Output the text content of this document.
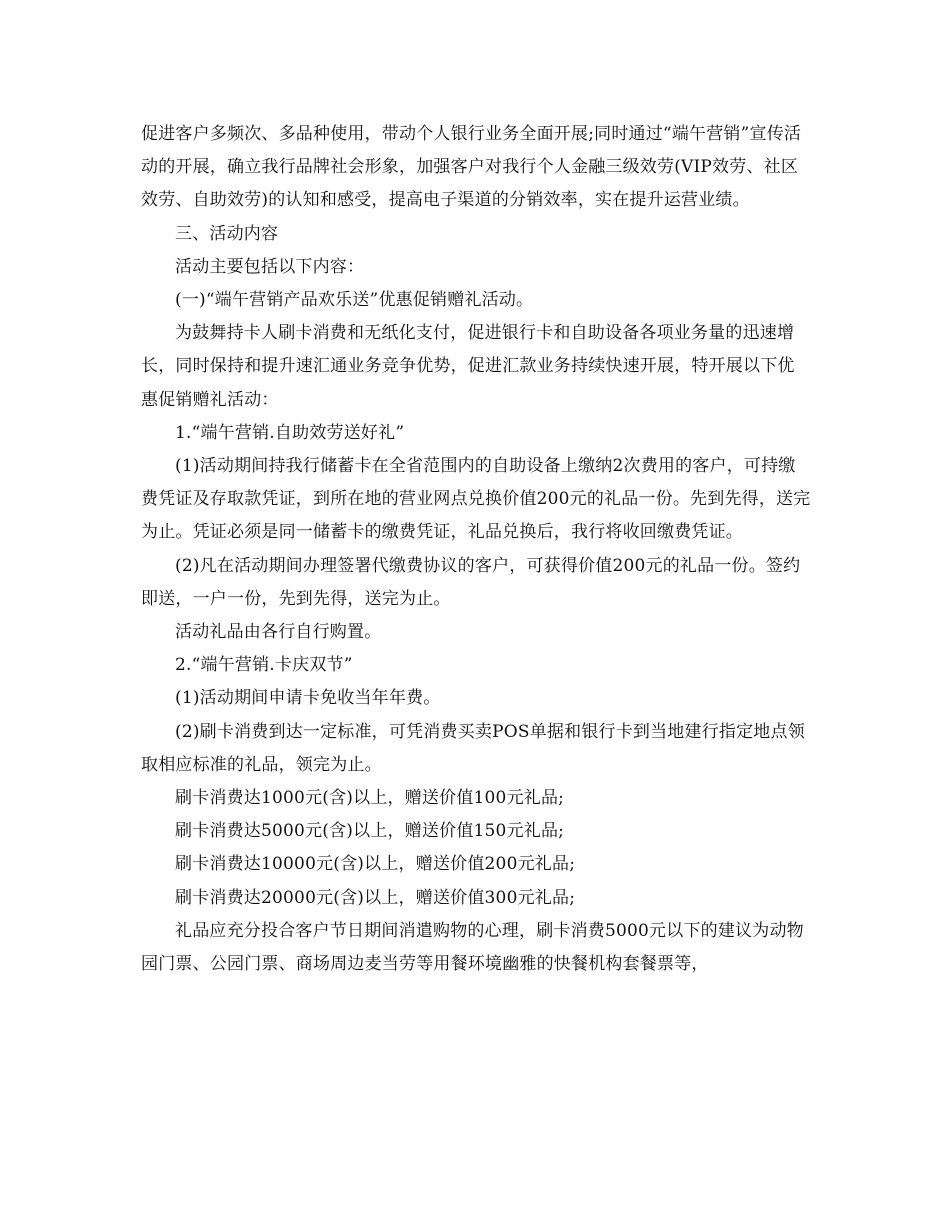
促进客户多频次、多品种使用，带动个人银行业务全面开展;同时通过“端午营销”宣传活动的开展，确立我行品牌社会形象，加强客户对我行个人金融三级效劳(VIP效劳、社区效劳、自助效劳)的认知和感受，提高电子渠道的分销效率，实在提升运营业绩。

三、活动内容

活动主要包括以下内容：

(一)“端午营销产品欢乐送”优惠促销赠礼活动。

为鼓舞持卡人刷卡消费和无纸化支付，促进银行卡和自助设备各项业务量的迅速增长，同时保持和提升速汇通业务竞争优势，促进汇款业务持续快速开展，特开展以下优惠促销赠礼活动：

1.“端午营销.自助效劳送好礼”

(1)活动期间持我行储蓄卡在全省范围内的自助设备上缴纳2次费用的客户，可持缴费凭证及存取款凭证，到所在地的营业网点兑换价值200元的礼品一份。先到先得，送完为止。凭证必须是同一储蓄卡的缴费凭证，礼品兑换后，我行将收回缴费凭证。

(2)凡在活动期间办理签署代缴费协议的客户，可获得价值200元的礼品一份。签约即送，一户一份，先到先得，送完为止。

活动礼品由各行自行购置。

2.“端午营销.卡庆双节”

(1)活动期间申请卡免收当年年费。

(2)刷卡消费到达一定标准，可凭消费买卖POS单据和银行卡到当地建行指定地点领取相应标准的礼品，领完为止。

刷卡消费达1000元(含)以上，赠送价值100元礼品;

刷卡消费达5000元(含)以上，赠送价值150元礼品;

刷卡消费达10000元(含)以上，赠送价值200元礼品;

刷卡消费达20000元(含)以上，赠送价值300元礼品;

礼品应充分投合客户节日期间消遣购物的心理，刷卡消费5000元以下的建议为动物园门票、公园门票、商场周边麦当劳等用餐环境幽雅的快餐机构套餐票等，
